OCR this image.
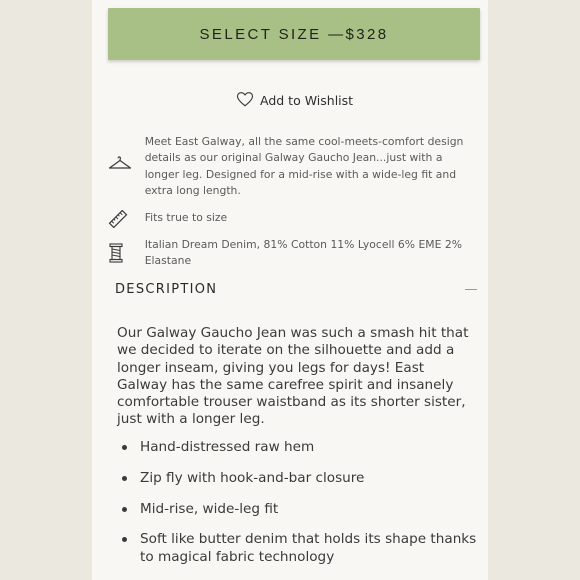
SELECT SIZE —$328
Add to Wishlist
Meet East Galway, all the same cool-meets-comfort design details as our original Galway Gaucho Jean...just with a longer leg. Designed for a mid-rise with a wide-leg fit and extra long length.
Fits true to size
Italian Dream Denim, 81% Cotton 11% Lyocell 6% EME 2% Elastane
DESCRIPTION
Our Galway Gaucho Jean was such a smash hit that we decided to iterate on the silhouette and add a longer inseam, giving you legs for days! East Galway has the same carefree spirit and insanely comfortable trouser waistband as its shorter sister, just with a longer leg.
Hand-distressed raw hem
Zip fly with hook-and-bar closure
Mid-rise, wide-leg fit
Soft like butter denim that holds its shape thanks to magical fabric technology
